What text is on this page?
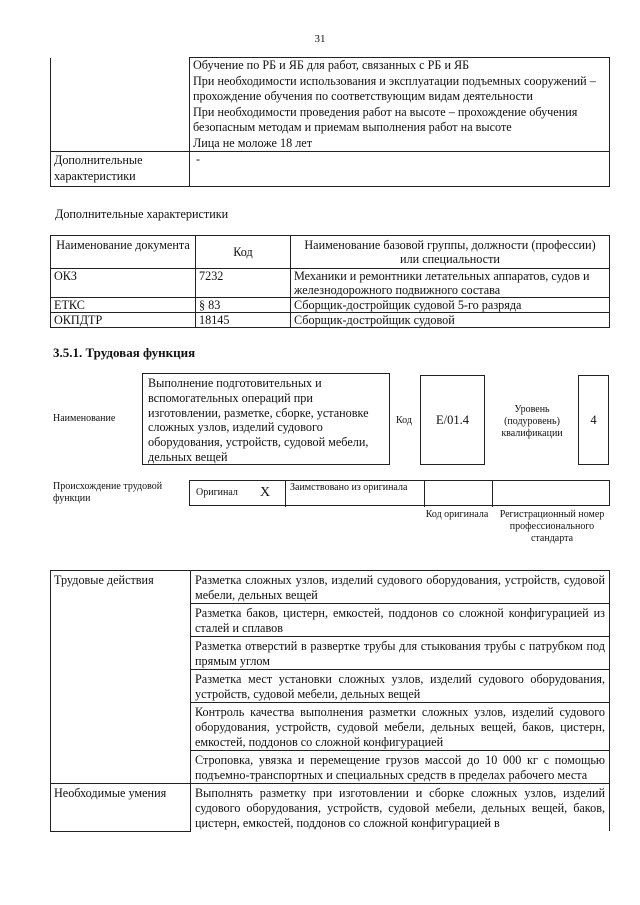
31

	Обучение по РБ и ЯБ для работ, связанных с РБ и ЯБ
При необходимости использования и эксплуатации подъемных сооружений – прохождение обучения по соответствующим видам деятельности
При необходимости проведения работ на высоте – прохождение обучения безопасным методам и приемам выполнения работ на высоте
Лица не моложе 18 лет

Дополнительные характеристики	-
Дополнительные характеристики
Наименование документа	Код	Наименование базовой группы, должности (профессии) или специальности
ОКЗ	7232	Механики и ремонтники летательных аппаратов, судов и железнодорожного подвижного состава
ЕТКС	§ 83	Сборщик-достройщик судовой 5-го разряда
ОКПДТР	18145	Сборщик-достройщик судовой
3.5.1. Трудовая функция
Наименование
Выполнение подготовительных и вспомогательных операций при изготовлении, разметке, сборке, установке сложных узлов, изделий судового оборудования, устройств, судовой мебели, дельных вещей
Код	E/01.4
Уровень (подуровень) квалификации
4
Происхождение трудовой функции
Оригинал X Заимствовано из оригинала
Код оригинала Регистрационный номер профессионального стандарта
Трудовые действия	Разметка сложных узлов, изделий судового оборудования, устройств, судовой мебели, дельных вещей
	Разметка баков, цистерн, емкостей, поддонов со сложной конфигурацией из сталей и сплавов
	Разметка отверстий в развертке трубы для стыкования трубы с патрубком под прямым углом
	Разметка мест установки сложных узлов, изделий судового оборудования, устройств, судовой мебели, дельных вещей
	Контроль качества выполнения разметки сложных узлов, изделий судового оборудования, устройств, судовой мебели, дельных вещей, баков, цистерн, емкостей, поддонов со сложной конфигурацией
	Строповка, увязка и перемещение грузов массой до 10 000 кг с помощью подъемно-транспортных и специальных средств в пределах рабочего места
Необходимые умения	Выполнять разметку при изготовлении и сборке сложных узлов, изделий судового оборудования, устройств, судовой мебели, дельных вещей, баков, цистерн, емкостей, поддонов со сложной конфигурацией в
